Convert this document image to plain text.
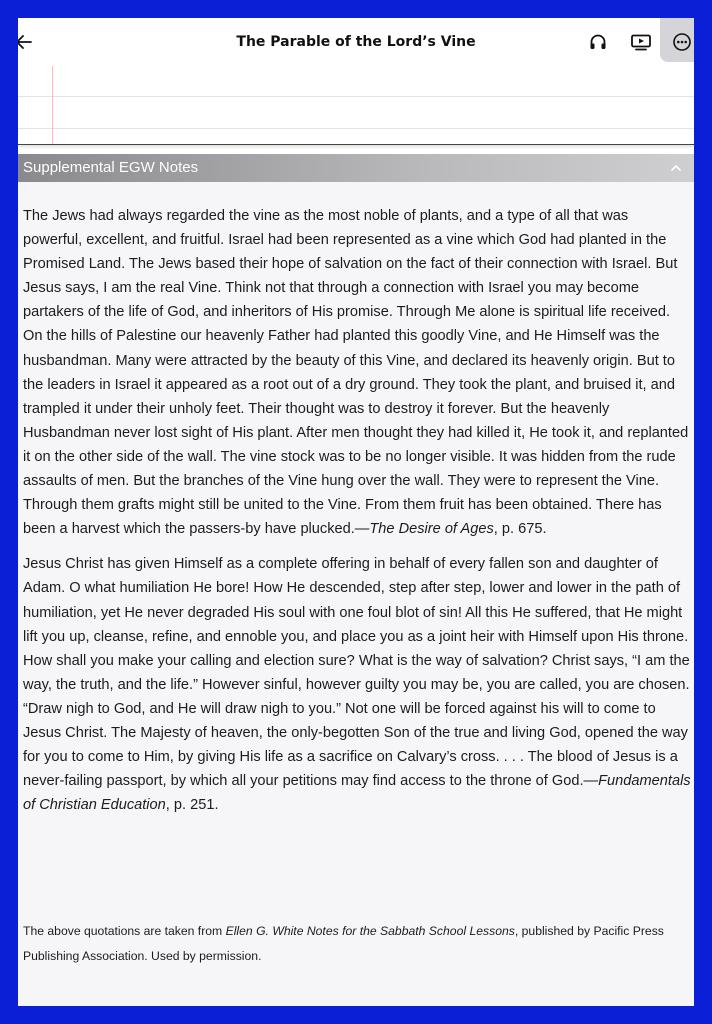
The Parable of the Lord’s Vine
Supplemental EGW Notes

The Jews had always regarded the vine as the most noble of plants, and a type of all that was powerful, excellent, and fruitful. Israel had been represented as a vine which God had planted in the Promised Land. The Jews based their hope of salvation on the fact of their connection with Israel. But Jesus says, I am the real Vine. Think not that through a connection with Israel you may become partakers of the life of God, and inheritors of His promise. Through Me alone is spiritual life received.

On the hills of Palestine our heavenly Father had planted this goodly Vine, and He Himself was the husbandman. Many were attracted by the beauty of this Vine, and declared its heavenly origin. But to the leaders in Israel it appeared as a root out of a dry ground. They took the plant, and bruised it, and trampled it under their unholy feet. Their thought was to destroy it forever. But the heavenly Husbandman never lost sight of His plant. After men thought they had killed it, He took it, and replanted it on the other side of the wall. The vine stock was to be no longer visible. It was hidden from the rude assaults of men. But the branches of the Vine hung over the wall. They were to represent the Vine. Through them grafts might still be united to the Vine. From them fruit has been obtained. There has been a harvest which the passers-by have plucked.—The Desire of Ages, p. 675.

Jesus Christ has given Himself as a complete offering in behalf of every fallen son and daughter of Adam. O what humiliation He bore! How He descended, step after step, lower and lower in the path of humiliation, yet He never degraded His soul with one foul blot of sin! All this He suffered, that He might lift you up, cleanse, refine, and ennoble you, and place you as a joint heir with Himself upon His throne. How shall you make your calling and election sure? What is the way of salvation? Christ says, “I am the way, the truth, and the life.” However sinful, however guilty you may be, you are called, you are chosen. “Draw nigh to God, and He will draw nigh to you.” Not one will be forced against his will to come to Jesus Christ. The Majesty of heaven, the only-begotten Son of the true and living God, opened the way for you to come to Him, by giving His life as a sacrifice on Calvary’s cross. . . . The blood of Jesus is a never-failing passport, by which all your petitions may find access to the throne of God.—Fundamentals of Christian Education, p. 251.

The above quotations are taken from Ellen G. White Notes for the Sabbath School Lessons, published by Pacific Press Publishing Association. Used by permission.
